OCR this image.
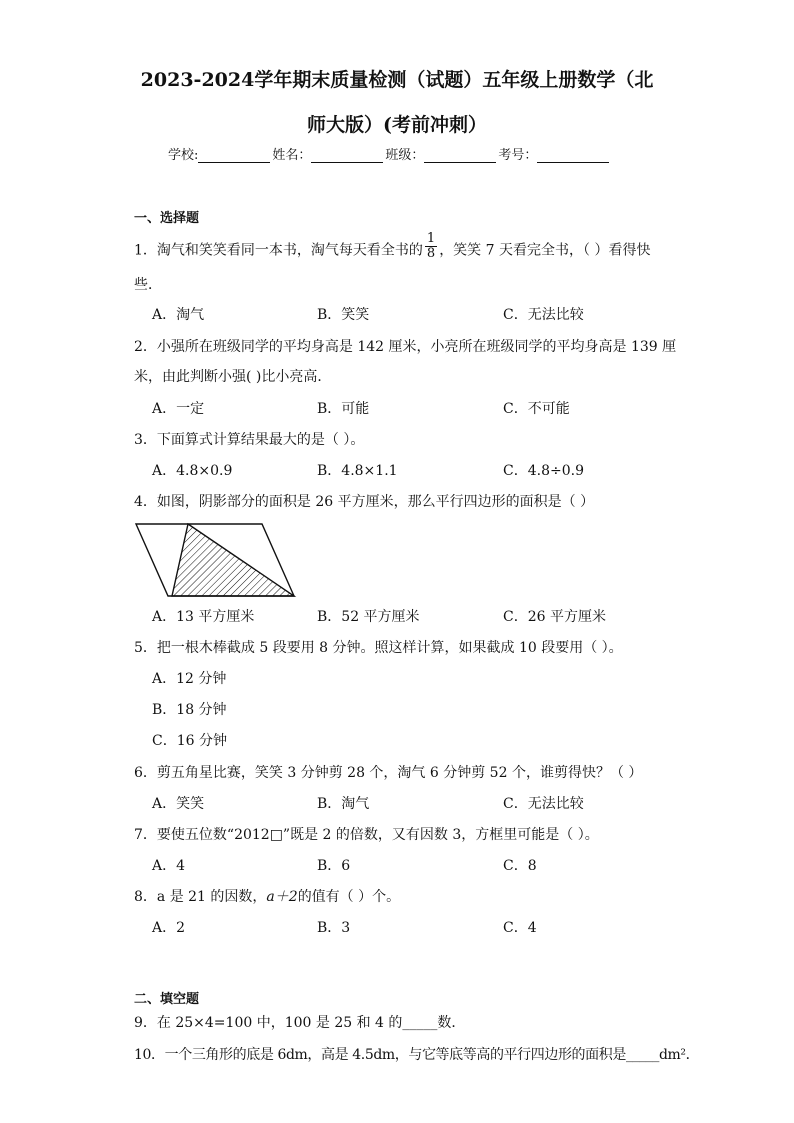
2023-2024学年期末质量检测（试题）五年级上册数学（北
师大版）(考前冲刺）
学校:	姓名：	班级：	考号：
一、选择题
1．淘气和笑笑看同一本书，淘气每天看全书的 $\frac{1}{8}$ ，笑笑 7 天看完全书，（ ）看得快
些．
A．淘气	B．笑笑	C．无法比较
2．小强所在班级同学的平均身高是 142 厘米，小亮所在班级同学的平均身高是 139 厘
米，由此判断小强( )比小亮高．
A．一定	B．可能	C．不可能
3．下面算式计算结果最大的是（ ）。
A．4.8×0.9	B．4.8×1.1	C．4.8÷0.9
4．如图，阴影部分的面积是 26 平方厘米，那么平行四边形的面积是（ ）
A．13 平方厘米	B．52 平方厘米	C．26 平方厘米
5．把一根木棒截成 5 段要用 8 分钟。照这样计算，如果截成 10 段要用（ ）。
A．12 分钟
B．18 分钟
C．16 分钟
6．剪五角星比赛，笑笑 3 分钟剪 28 个，淘气 6 分钟剪 52 个，谁剪得快？（ ）
A．笑笑	B．淘气	C．无法比较
7．要使五位数“2012□”既是 2 的倍数，又有因数 3，方框里可能是（ ）。
A．4	B．6	C．8
8．a 是 21 的因数，a＋2的值有（ ）个。
A．2	B．3	C．4
二、填空题
9．在 25×4=100 中，100 是 25 和 4 的_____数．
10．一个三角形的底是 6dm，高是 4.5dm，与它等底等高的平行四边形的面积是_____dm²．
